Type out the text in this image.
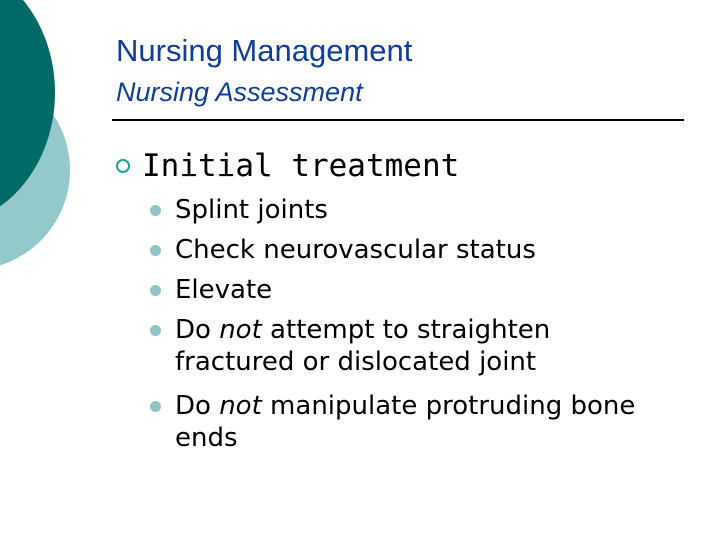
Nursing Management
Nursing Assessment
Initial treatment
Splint joints
Check neurovascular status
Elevate
Do not attempt to straighten fractured or dislocated joint
Do not manipulate protruding bone ends
